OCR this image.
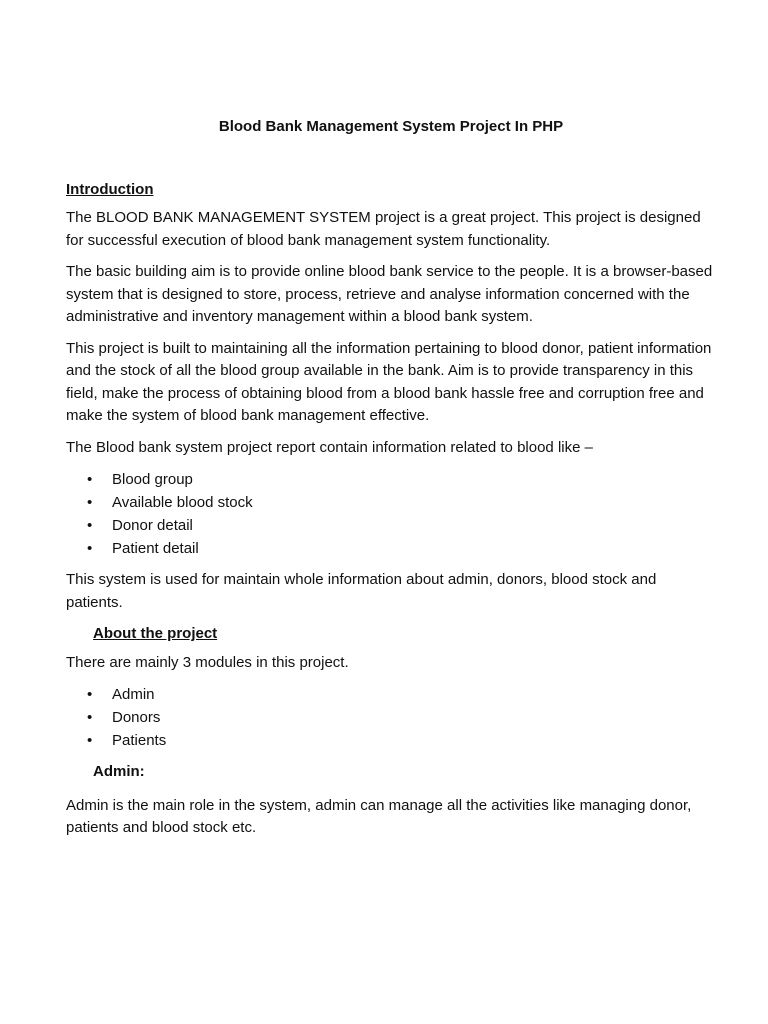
Blood Bank Management System Project In PHP
Introduction

The BLOOD BANK MANAGEMENT SYSTEM project is a great project. This project is designed for successful execution of blood bank management system functionality.

The basic building aim is to provide online blood bank service to the people. It is a browser-based system that is designed to store, process, retrieve and analyse information concerned with the administrative and inventory management within a blood bank system.

This project is built to maintaining all the information pertaining to blood donor, patient information and the stock of all the blood group available in the bank. Aim is to provide transparency in this field, make the process of obtaining blood from a blood bank hassle free and corruption free and make the system of blood bank management effective.

The Blood bank system project report contain information related to blood like –

• Blood group
• Available blood stock
• Donor detail
• Patient detail

This system is used for maintain whole information about admin, donors, blood stock and patients.

About the project

There are mainly 3 modules in this project.

• Admin
• Donors
• Patients
Admin:

Admin is the main role in the system, admin can manage all the activities like managing donor, patients and blood stock etc.
